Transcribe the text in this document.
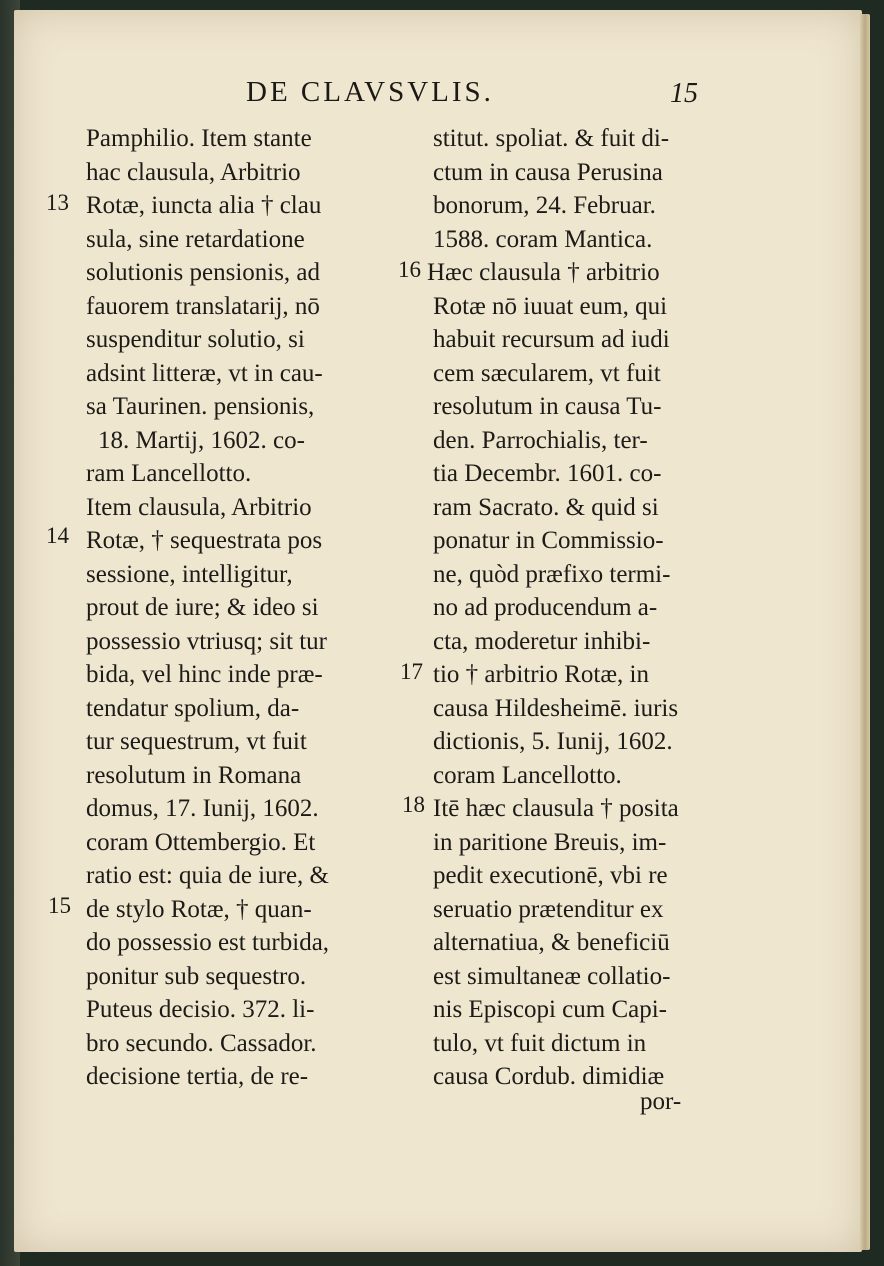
DE CLAVSVLIS.	15
Pamphilio. Item stante
hac clausula, Arbitrio
Rotæ, iuncta alia † clau
sula, sine retardatione
solutionis pensionis, ad
fauorem translatarij, nō
suspenditur solutio, si
adsint litteræ, vt in cau-
sa Taurinen. pensionis,
18. Martij, 1602. co-
ram Lancellotto.
Item clausula, Arbitrio
Rotæ, † sequestrata pos
sessione, intelligitur,
prout de iure; & ideo si
possessio vtriusq; sit tur
bida, vel hinc inde præ-
tendatur spolium, da-
tur sequestrum, vt fuit
resolutum in Romana
domus, 17. Iunij, 1602.
coram Ottembergio. Et
ratio est: quia de iure, &
de stylo Rotæ, † quan-
do possessio est turbida,
ponitur sub sequestro.
Puteus decisio. 372. li-
bro secundo. Cassador.
decisione tertia, de re-
13
14
15
stitut. spoliat. & fuit di-
ctum in causa Perusina
bonorum, 24. Februar.
1588. coram Mantica.
Hæc clausula † arbitrio
Rotæ nō iuuat eum, qui
habuit recursum ad iudi
cem sæcularem, vt fuit
resolutum in causa Tu-
den. Parrochialis, ter-
tia Decembr. 1601. co-
ram Sacrato. & quid si
ponatur in Commissio-
ne, quòd præfixo termi-
no ad producendum a-
cta, moderetur inhibi-
tio † arbitrio Rotæ, in
causa Hildesheimē. iuris
dictionis, 5. Iunij, 1602.
coram Lancellotto.
Itē hæc clausula † posita
in paritione Breuis, im-
pedit executionē, vbi re
seruatio prætenditur ex
alternatiua, & beneficiū
est simultaneæ collatio-
nis Episcopi cum Capi-
tulo, vt fuit dictum in
causa Cordub. dimidiæ
16
17
18
por-
